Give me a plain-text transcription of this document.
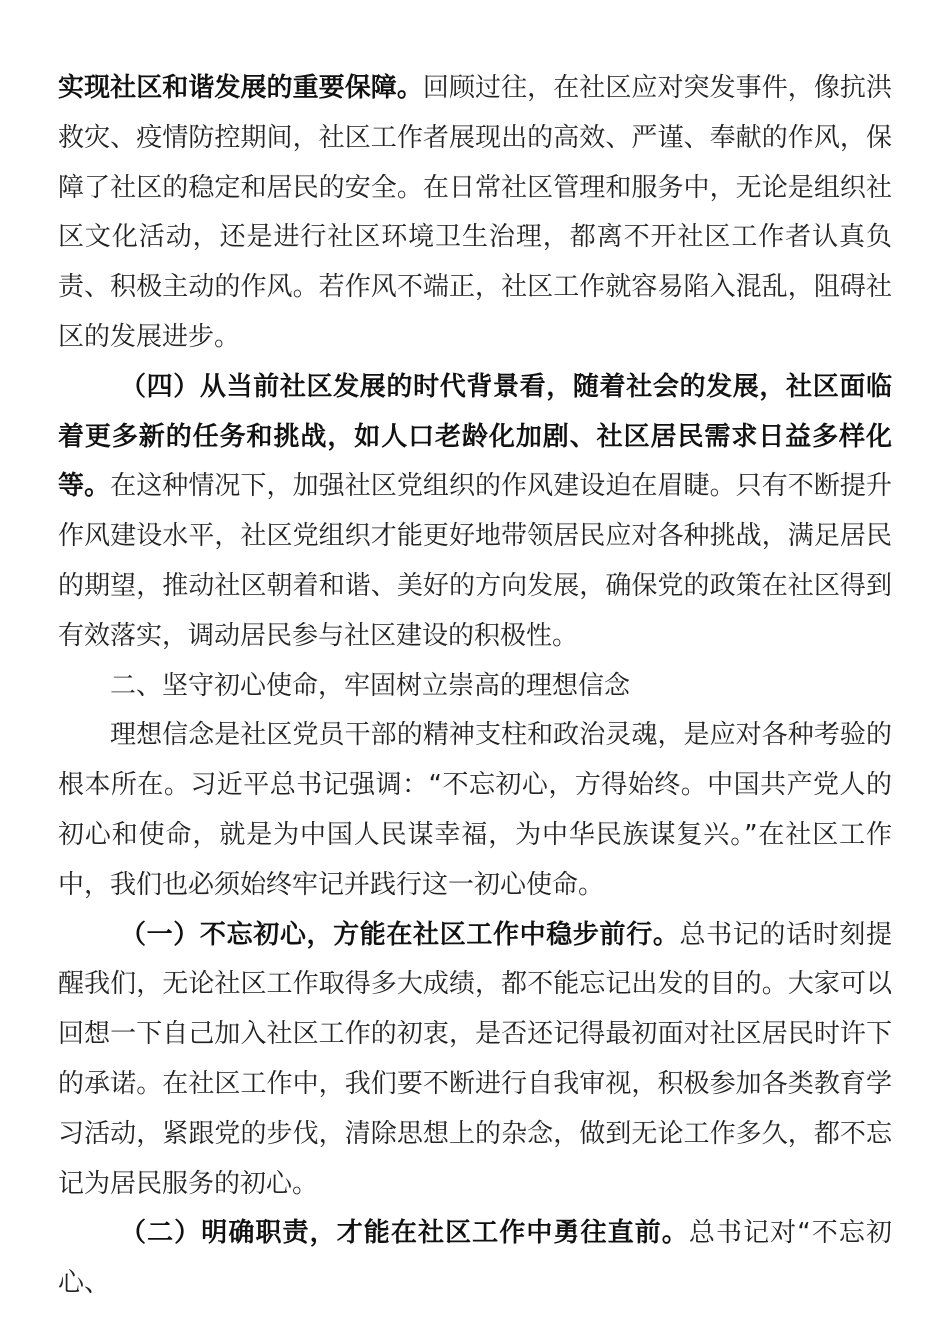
实现社区和谐发展的重要保障。回顾过往，在社区应对突发事件，像抗洪救灾、疫情防控期间，社区工作者展现出的高效、严谨、奉献的作风，保障了社区的稳定和居民的安全。在日常社区管理和服务中，无论是组织社区文化活动，还是进行社区环境卫生治理，都离不开社区工作者认真负责、积极主动的作风。若作风不端正，社区工作就容易陷入混乱，阻碍社区的发展进步。

（四）从当前社区发展的时代背景看，随着社会的发展，社区面临着更多新的任务和挑战，如人口老龄化加剧、社区居民需求日益多样化等。在这种情况下，加强社区党组织的作风建设迫在眉睫。只有不断提升作风建设水平，社区党组织才能更好地带领居民应对各种挑战，满足居民的期望，推动社区朝着和谐、美好的方向发展，确保党的政策在社区得到有效落实，调动居民参与社区建设的积极性。

二、坚守初心使命，牢固树立崇高的理想信念

理想信念是社区党员干部的精神支柱和政治灵魂，是应对各种考验的根本所在。习近平总书记强调：“不忘初心，方得始终。中国共产党人的初心和使命，就是为中国人民谋幸福，为中华民族谋复兴。”在社区工作中，我们也必须始终牢记并践行这一初心使命。

（一）不忘初心，方能在社区工作中稳步前行。总书记的话时刻提醒我们，无论社区工作取得多大成绩，都不能忘记出发的目的。大家可以回想一下自己加入社区工作的初衷，是否还记得最初面对社区居民时许下的承诺。在社区工作中，我们要不断进行自我审视，积极参加各类教育学习活动，紧跟党的步伐，清除思想上的杂念，做到无论工作多久，都不忘记为居民服务的初心。

（二）明确职责，才能在社区工作中勇往直前。总书记对“不忘初心、
